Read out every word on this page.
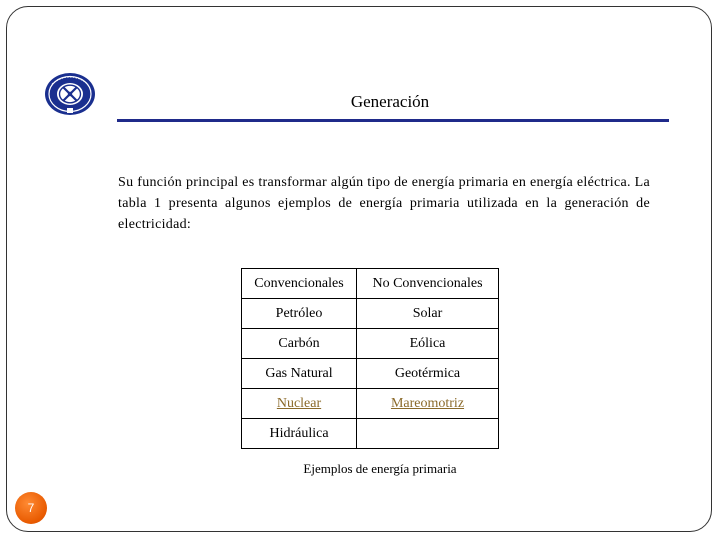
Generación
Su función principal es transformar algún tipo de energía primaria en energía eléctrica. La tabla 1 presenta algunos ejemplos de energía primaria utilizada en la generación de electricidad:
Convencionales	No Convencionales
Petróleo	Solar
Carbón	Eólica
Gas Natural	Geotérmica
Nuclear	Mareomotriz
Hidráulica	
Ejemplos de energía primaria
7
